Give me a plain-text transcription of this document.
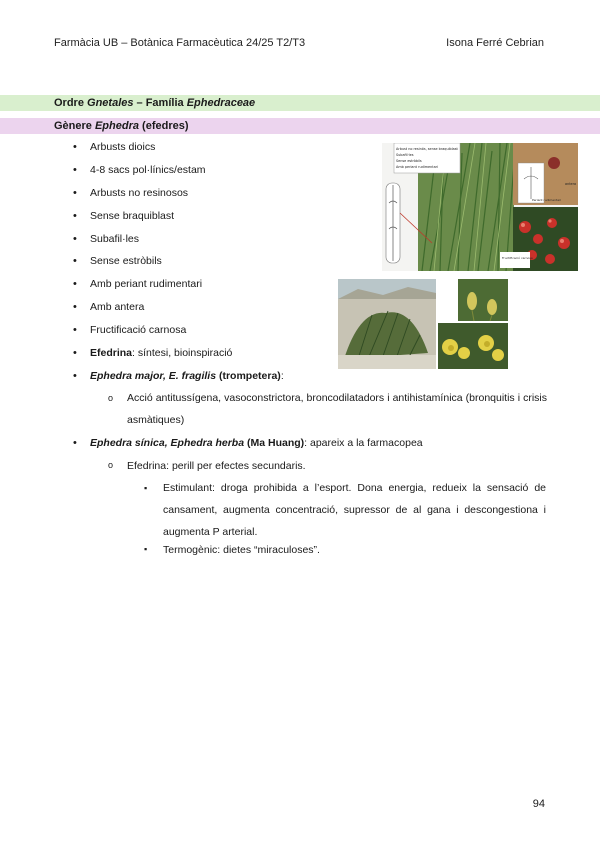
Farmàcia UB – Botànica Farmacèutica 24/25 T2/T3	Isona Ferré Cebrian
Ordre Gnetales – Família Ephedraceae
Gènere Ephedra (efedres)
• Arbusts dioics
• 4-8 sacs pol·línics/estam
• Arbusts no resinosos
• Sense braquiblast
• Subafil·les
• Sense estròbils
• Amb periant rudimentari
• Amb antera
• Fructificació carnosa
• Efedrina: síntesi, bioinspiració
• Ephedra major, E. fragilis (trompetera):
o Acció antitussígena, vasoconstrictora, broncodilatadors i antihistamínica (bronquitis i crisis asmàtiques)
• Ephedra sínica, Ephedra herba (Ma Huang): apareix a la farmacopea
o Efedrina: perill per efectes secundaris.
▪ Estimulant: droga prohibida a l’esport. Dona energia, redueix la sensació de cansament, augmenta concentració, supressor de al gana i descongestiona i augmenta P arterial.
▪ Termogènic: dietes “miraculoses”.
Arbust no resinós, sense braquiblast
Subafil·les
Sense estròbils
Amb periant rudimentari
antera
Periant rudimentari
Fructificació carnosa
94
